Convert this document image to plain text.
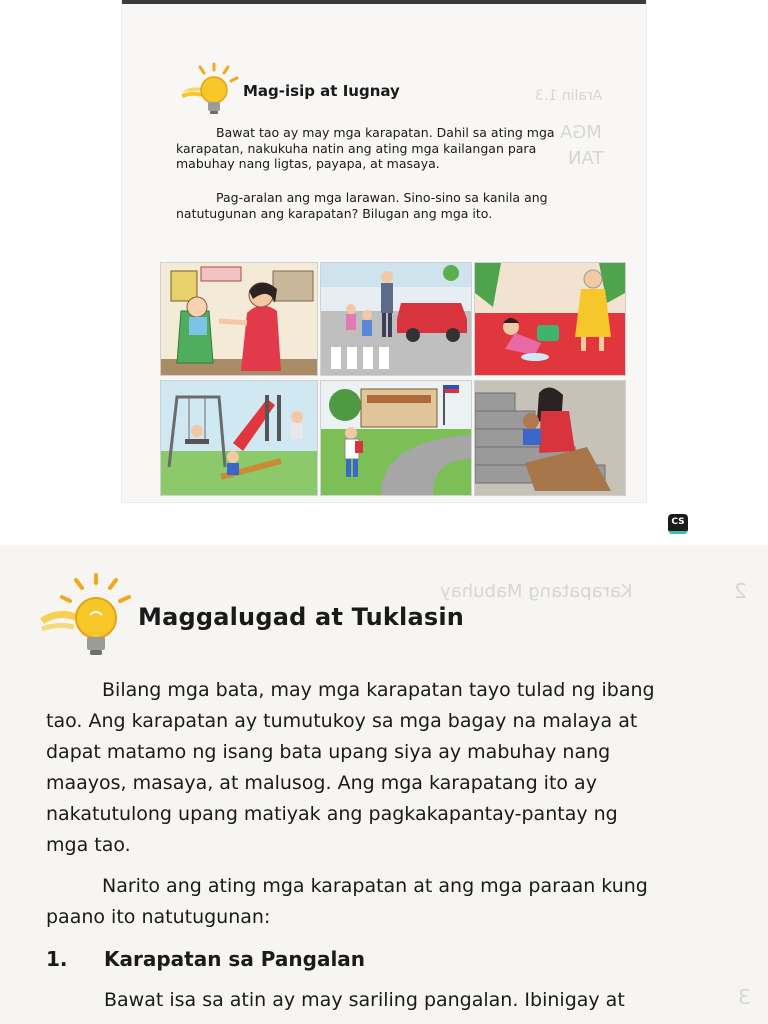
Aralin 1.3
MGA
TAN
Mag-isip at Iugnay
Bawat tao ay may mga karapatan. Dahil sa ating mga
karapatan, nakukuha natin ang ating mga kailangan para
mabuhay nang ligtas, payapa, at masaya.
Pag-aralan ang mga larawan. Sino-sino sa kanila ang
natutugunan ang karapatan? Bilugan ang mga ito.
CS
Karapatang Mabuhay	2
3
Maggalugad at Tuklasin
Bilang mga bata, may mga karapatan tayo tulad ng ibang
tao. Ang karapatan ay tumutukoy sa mga bagay na malaya at
dapat matamo ng isang bata upang siya ay mabuhay nang
maayos, masaya, at malusog. Ang mga karapatang ito ay
nakatutulong upang matiyak ang pagkakapantay-pantay ng
mga tao.
Narito ang ating mga karapatan at ang mga paraan kung
paano ito natutugunan:
1. Karapatan sa Pangalan
Bawat isa sa atin ay may sariling pangalan. Ibinigay at
